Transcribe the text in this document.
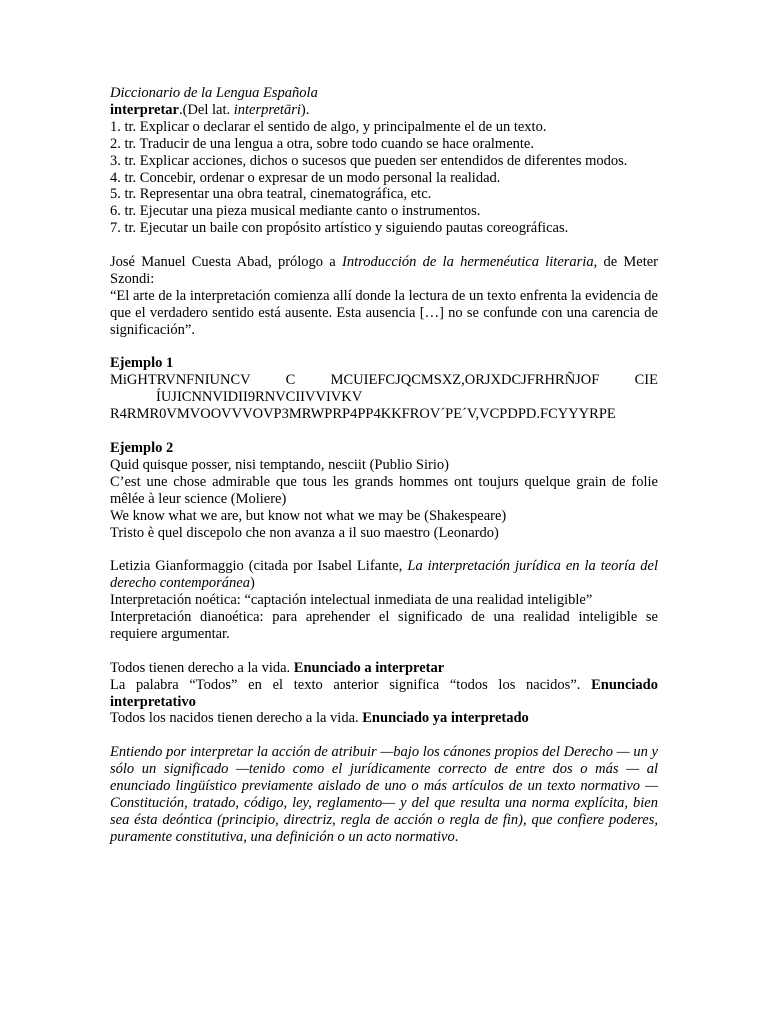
Diccionario de la Lengua Española

interpretar.(Del lat. interpretāri).

1. tr. Explicar o declarar el sentido de algo, y principalmente el de un texto.

2. tr. Traducir de una lengua a otra, sobre todo cuando se hace oralmente.

3. tr. Explicar acciones, dichos o sucesos que pueden ser entendidos de diferentes modos.

4. tr. Concebir, ordenar o expresar de un modo personal la realidad.

5. tr. Representar una obra teatral, cinematográfica, etc.

6. tr. Ejecutar una pieza musical mediante canto o instrumentos.

7. tr. Ejecutar un baile con propósito artístico y siguiendo pautas coreográficas.

José Manuel Cuesta Abad, prólogo a Introducción de la hermenéutica literaria, de Meter Szondi:

“El arte de la interpretación comienza allí donde la lectura de un texto enfrenta la evidencia de que el verdadero sentido está ausente. Esta ausencia […] no se confunde con una carencia de significación”.

Ejemplo 1

MiGHTRVNFNIUNCV C MCUIEFCJQCMSXZ,ORJXDCJFRHRÑJOF CIE

ÍUJICNNVIDII9RNVCIIVVIVKV

R4RMR0VMVOOVVVOVP3MRWPRP4PP4KKFROV´PE´V,VCPDPD.FCYYYRPE

Ejemplo 2

Quid quisque posser, nisi temptando, nesciit (Publio Sirio)

C’est une chose admirable que tous les grands hommes ont toujurs quelque grain de folie mêlée à leur science (Moliere)

We know what we are, but know not what we may be (Shakespeare)

Tristo è quel discepolo che non avanza a il suo maestro (Leonardo)

Letizia Gianformaggio (citada por Isabel Lifante, La interpretación jurídica en la teoría del derecho contemporánea)

Interpretación noética: “captación intelectual inmediata de una realidad inteligible”

Interpretación dianoética: para aprehender el significado de una realidad inteligible se requiere argumentar.

Todos tienen derecho a la vida. Enunciado a interpretar

La palabra “Todos” en el texto anterior significa “todos los nacidos”. Enunciado interpretativo

Todos los nacidos tienen derecho a la vida. Enunciado ya interpretado

Entiendo por interpretar la acción de atribuir —bajo los cánones propios del Derecho — un y sólo un significado —tenido como el jurídicamente correcto de entre dos o más — al enunciado lingüístico previamente aislado de uno o más artículos de un texto normativo —Constitución, tratado, código, ley, reglamento— y del que resulta una norma explícita, bien sea ésta deóntica (principio, directriz, regla de acción o regla de fin), que confiere poderes, puramente constitutiva, una definición o un acto normativo.
